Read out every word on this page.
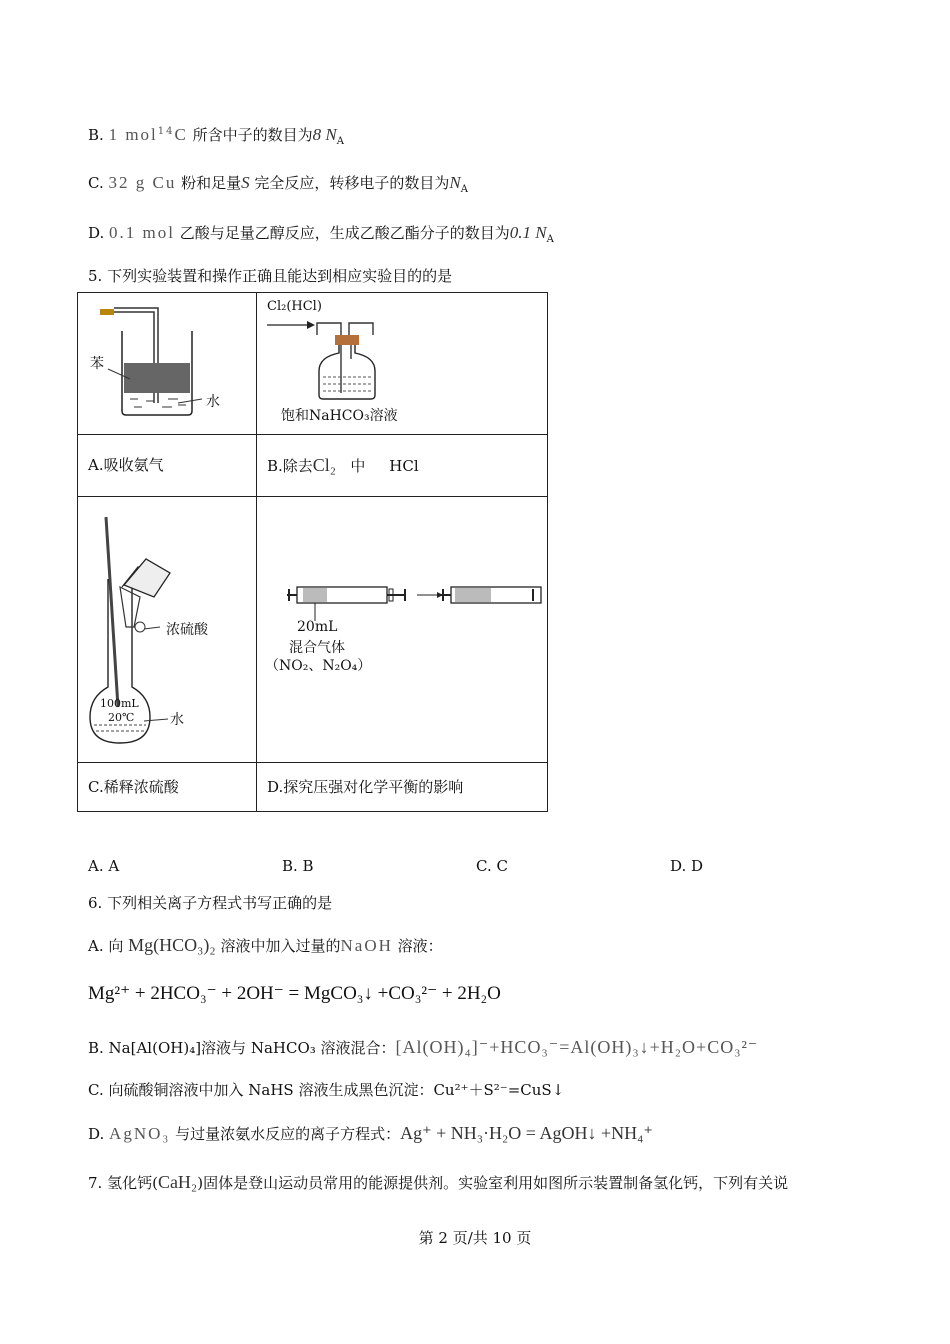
B. 1 mol$^{14}$C 所含中子的数目为8 $N_A$
C. 32 g Cu 粉和足量S 完全反应，转移电子的数目为$N_A$
D. 0.1 mol 乙酸与足量乙醇反应，生成乙酸乙酯分子的数目为0.1 $N_A$
5. 下列实验装置和操作正确且能达到相应实验目的的是
苯
水	Cl₂(HCl)
饱和NaHCO₃溶液

A.吸收氨气	B.除去Cl₂ 中 HCl

浓硫酸
100mL
20℃ 水	20mL
混合气体
（NO₂、N₂O₄）

C.稀释浓硫酸	D.探究压强对化学平衡的影响
A. A	B. B	C. C	D. D
6. 下列相关离子方程式书写正确的是
A. 向 Mg(HCO₃)₂ 溶液中加入过量的NaOH 溶液：
Mg²⁺ + 2HCO₃⁻ + 2OH⁻ = MgCO₃↓ +CO₃²⁻ + 2H₂O
B. Na[Al(OH)₄]溶液与 NaHCO₃ 溶液混合：[Al(OH)₄]⁻+HCO₃⁻=Al(OH)₃↓+H₂O+CO₃²⁻
C. 向硫酸铜溶液中加入 NaHS 溶液生成黑色沉淀：Cu²⁺＋S²⁻=CuS↓
D. AgNO₃ 与过量浓氨水反应的离子方程式：Ag⁺ + NH₃·H₂O = AgOH↓ +NH₄⁺
7. 氢化钙(CaH₂)固体是登山运动员常用的能源提供剂。实验室利用如图所示装置制备氢化钙，下列有关说
第 2 页/共 10 页
